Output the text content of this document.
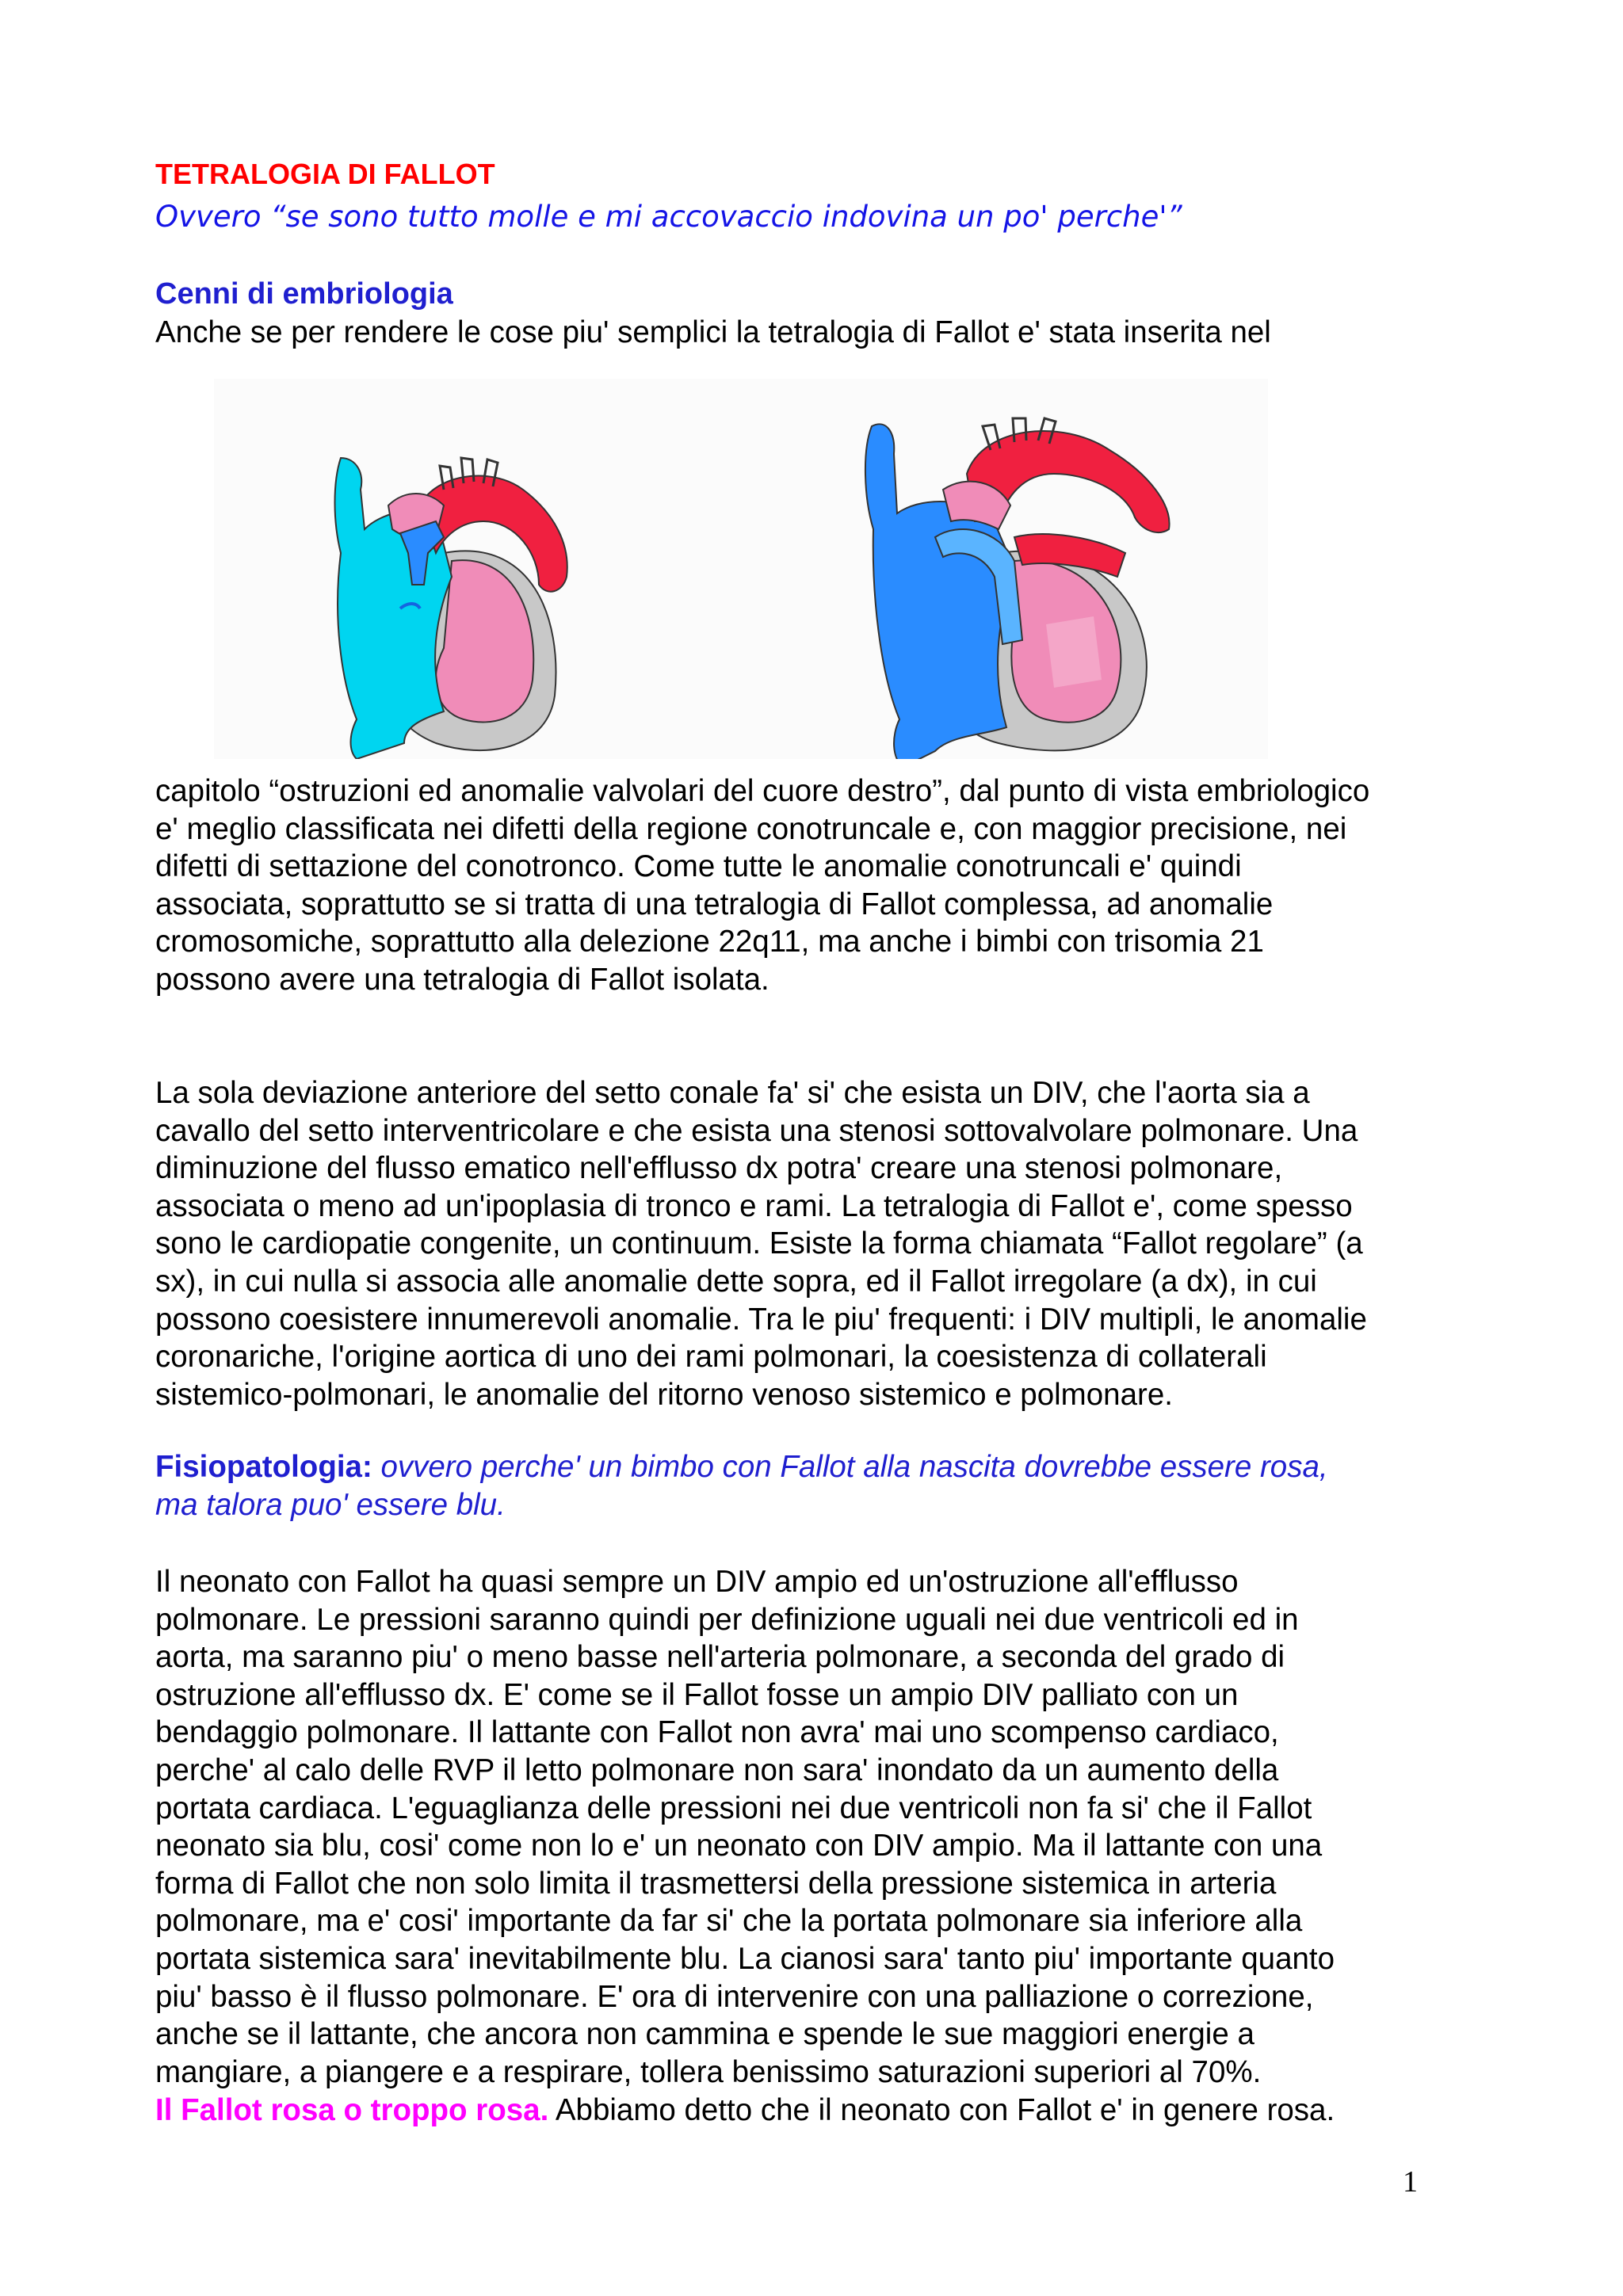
TETRALOGIA DI FALLOT

Ovvero “se sono tutto molle e mi accovaccio indovina un po' perche'”

Cenni di embriologia

Anche se per rendere le cose piu' semplici la tetralogia di Fallot e' stata inserita nel

capitolo “ostruzioni ed anomalie valvolari del cuore destro”, dal punto di vista embriologico
e' meglio classificata nei difetti della regione conotruncale e, con maggior precisione, nei
difetti di settazione del conotronco. Come tutte le anomalie conotruncali e' quindi
associata, soprattutto se si tratta di una tetralogia di Fallot complessa, ad anomalie
cromosomiche, soprattutto alla delezione 22q11, ma anche i bimbi con trisomia 21
possono avere una tetralogia di Fallot isolata.

La sola deviazione anteriore del setto conale fa' si' che esista un DIV, che l'aorta sia a
cavallo del setto interventricolare e che esista una stenosi sottovalvolare polmonare. Una
diminuzione del flusso ematico nell'efflusso dx potra' creare una stenosi polmonare,
associata o meno ad un'ipoplasia di tronco e rami. La tetralogia di Fallot e', come spesso
sono le cardiopatie congenite, un continuum. Esiste la forma chiamata “Fallot regolare” (a
sx), in cui nulla si associa alle anomalie dette sopra, ed il Fallot irregolare (a dx), in cui
possono coesistere innumerevoli anomalie. Tra le piu' frequenti: i DIV multipli, le anomalie
coronariche, l'origine aortica di uno dei rami polmonari, la coesistenza di collaterali
sistemico-polmonari, le anomalie del ritorno venoso sistemico e polmonare.

Fisiopatologia: ovvero perche' un bimbo con Fallot alla nascita dovrebbe essere rosa,
ma talora puo' essere blu.

Il neonato con Fallot ha quasi sempre un DIV ampio ed un'ostruzione all'efflusso
polmonare. Le pressioni saranno quindi per definizione uguali nei due ventricoli ed in
aorta, ma saranno piu' o meno basse nell'arteria polmonare, a seconda del grado di
ostruzione all'efflusso dx. E' come se il Fallot fosse un ampio DIV palliato con un
bendaggio polmonare. Il lattante con Fallot non avra' mai uno scompenso cardiaco,
perche' al calo delle RVP il letto polmonare non sara' inondato da un aumento della
portata cardiaca. L'eguaglianza delle pressioni nei due ventricoli non fa si' che il Fallot
neonato sia blu, cosi' come non lo e' un neonato con DIV ampio. Ma il lattante con una
forma di Fallot che non solo limita il trasmettersi della pressione sistemica in arteria
polmonare, ma e' cosi' importante da far si' che la portata polmonare sia inferiore alla
portata sistemica sara' inevitabilmente blu. La cianosi sara' tanto piu' importante quanto
piu' basso è il flusso polmonare. E' ora di intervenire con una palliazione o correzione,
anche se il lattante, che ancora non cammina e spende le sue maggiori energie a
mangiare, a piangere e a respirare, tollera benissimo saturazioni superiori al 70%.

Il Fallot rosa o troppo rosa. Abbiamo detto che il neonato con Fallot e' in genere rosa.

1
